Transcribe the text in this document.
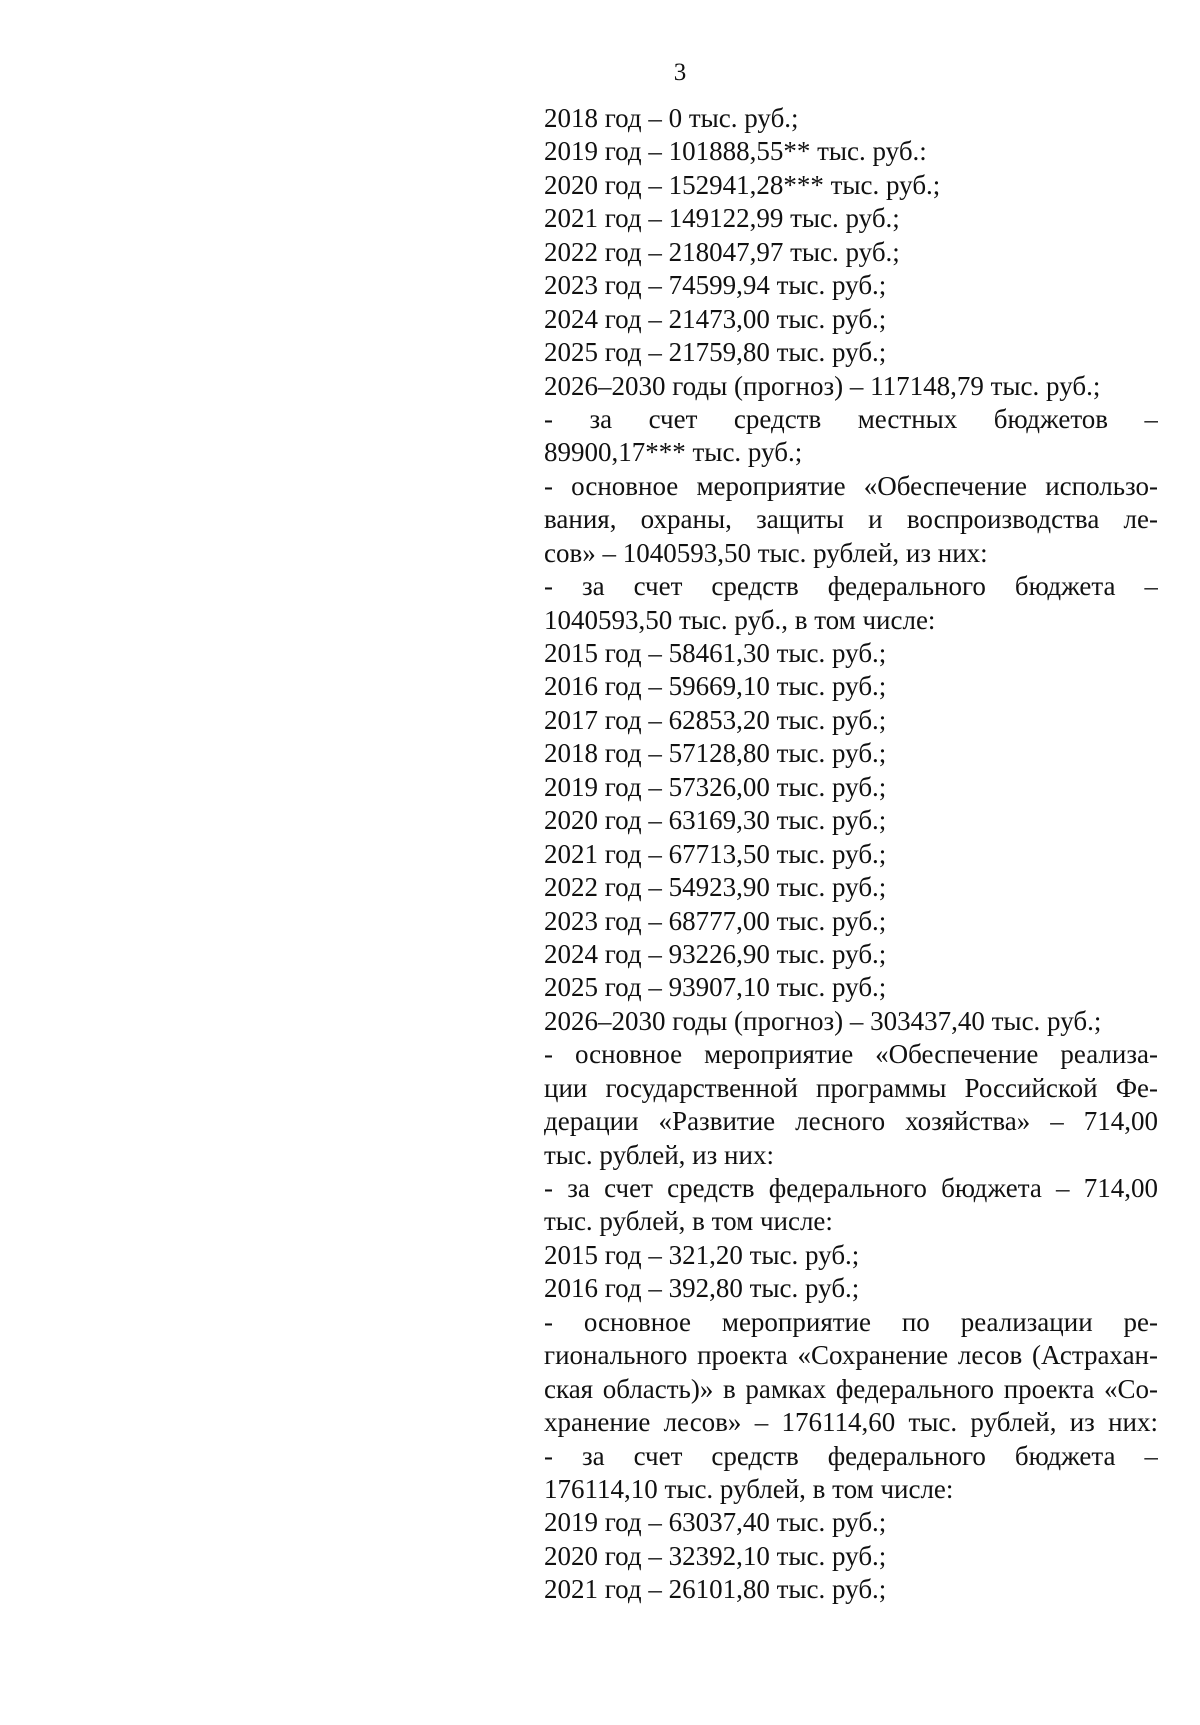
3
2018 год – 0 тыс. руб.;
2019 год – 101888,55** тыс. руб.:
2020 год – 152941,28*** тыс. руб.;
2021 год – 149122,99 тыс. руб.;
2022 год – 218047,97 тыс. руб.;
2023 год – 74599,94 тыс. руб.;
2024 год – 21473,00 тыс. руб.;
2025 год – 21759,80 тыс. руб.;
2026–2030 годы (прогноз) – 117148,79 тыс. руб.;
- за счет средств местных бюджетов –
89900,17*** тыс. руб.;
- основное мероприятие «Обеспечение использо-
вания, охраны, защиты и воспроизводства ле-
сов» – 1040593,50 тыс. рублей, из них:
- за счет средств федерального бюджета –
1040593,50 тыс. руб., в том числе:
2015 год – 58461,30 тыс. руб.;
2016 год – 59669,10 тыс. руб.;
2017 год – 62853,20 тыс. руб.;
2018 год – 57128,80 тыс. руб.;
2019 год – 57326,00 тыс. руб.;
2020 год – 63169,30 тыс. руб.;
2021 год – 67713,50 тыс. руб.;
2022 год – 54923,90 тыс. руб.;
2023 год – 68777,00 тыс. руб.;
2024 год – 93226,90 тыс. руб.;
2025 год – 93907,10 тыс. руб.;
2026–2030 годы (прогноз) – 303437,40 тыс. руб.;
- основное мероприятие «Обеспечение реализа-
ции государственной программы Российской Фе-
дерации «Развитие лесного хозяйства» – 714,00
тыс. рублей, из них:
- за счет средств федерального бюджета – 714,00
тыс. рублей, в том числе:
2015 год – 321,20 тыс. руб.;
2016 год – 392,80 тыс. руб.;
- основное мероприятие по реализации ре-
гионального проекта «Сохранение лесов (Астрахан-
ская область)» в рамках федерального проекта «Со-
хранение лесов» – 176114,60 тыс. рублей, из них:
- за счет средств федерального бюджета –
176114,10 тыс. рублей, в том числе:
2019 год – 63037,40 тыс. руб.;
2020 год – 32392,10 тыс. руб.;
2021 год – 26101,80 тыс. руб.;
